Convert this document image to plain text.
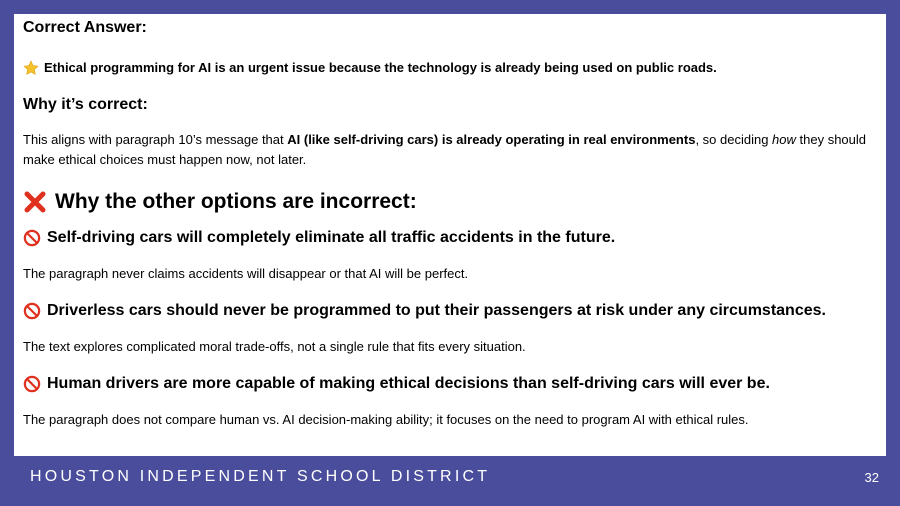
Correct Answer:

Ethical programming for AI is an urgent issue because the technology is already being used on public roads.

Why it’s correct:

This aligns with paragraph 10’s message that AI (like self-driving cars) is already operating in real environments, so deciding how they should make ethical choices must happen now, not later.

Why the other options are incorrect:

Self-driving cars will completely eliminate all traffic accidents in the future.

The paragraph never claims accidents will disappear or that AI will be perfect.

Driverless cars should never be programmed to put their passengers at risk under any circumstances.

The text explores complicated moral trade-offs, not a single rule that fits every situation.

Human drivers are more capable of making ethical decisions than self-driving cars will ever be.

The paragraph does not compare human vs. AI decision-making ability; it focuses on the need to program AI with ethical rules.

HOUSTON INDEPENDENT SCHOOL DISTRICT	32
